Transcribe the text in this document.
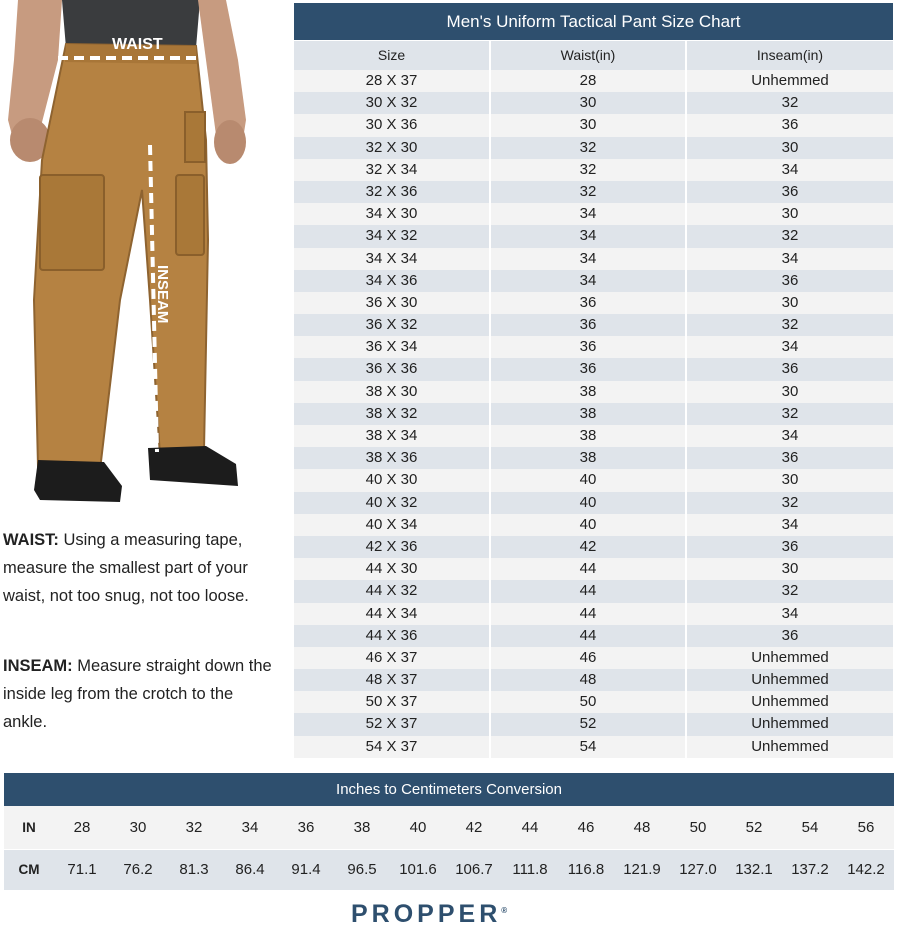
WAIST
INSEAM
WAIST: Using a measuring tape, measure the smallest part of your waist, not too snug, not too loose.
INSEAM: Measure straight down the inside leg from the crotch to the ankle.
Men's Uniform Tactical Pant Size Chart
Size	Waist(in)	Inseam(in)
28 X 37	28	Unhemmed
30 X 32	30	32
30 X 36	30	36
32 X 30	32	30
32 X 34	32	34
32 X 36	32	36
34 X 30	34	30
34 X 32	34	32
34 X 34	34	34
34 X 36	34	36
36 X 30	36	30
36 X 32	36	32
36 X 34	36	34
36 X 36	36	36
38 X 30	38	30
38 X 32	38	32
38 X 34	38	34
38 X 36	38	36
40 X 30	40	30
40 X 32	40	32
40 X 34	40	34
42 X 36	42	36
44 X 30	44	30
44 X 32	44	32
44 X 34	44	34
44 X 36	44	36
46 X 37	46	Unhemmed
48 X 37	48	Unhemmed
50 X 37	50	Unhemmed
52 X 37	52	Unhemmed
54 X 37	54	Unhemmed
Inches to Centimeters Conversion
IN	28	30	32	34	36	38	40	42	44	46	48	50	52	54	56
CM	71.1	76.2	81.3	86.4	91.4	96.5	101.6	106.7	111.8	116.8	121.9	127.0	132.1	137.2	142.2
PROPPER®
